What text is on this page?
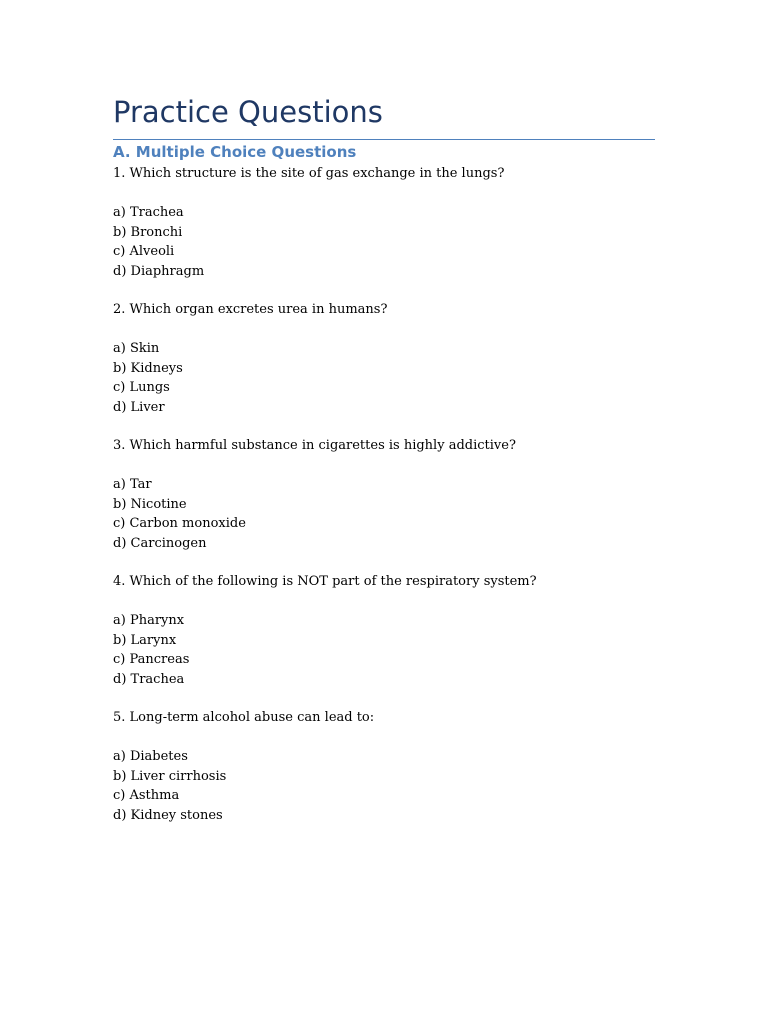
Practice Questions
A. Multiple Choice Questions
1. Which structure is the site of gas exchange in the lungs?
a) Trachea
b) Bronchi
c) Alveoli
d) Diaphragm
2. Which organ excretes urea in humans?
a) Skin
b) Kidneys
c) Lungs
d) Liver
3. Which harmful substance in cigarettes is highly addictive?
a) Tar
b) Nicotine
c) Carbon monoxide
d) Carcinogen
4. Which of the following is NOT part of the respiratory system?
a) Pharynx
b) Larynx
c) Pancreas
d) Trachea
5. Long-term alcohol abuse can lead to:
a) Diabetes
b) Liver cirrhosis
c) Asthma
d) Kidney stones
